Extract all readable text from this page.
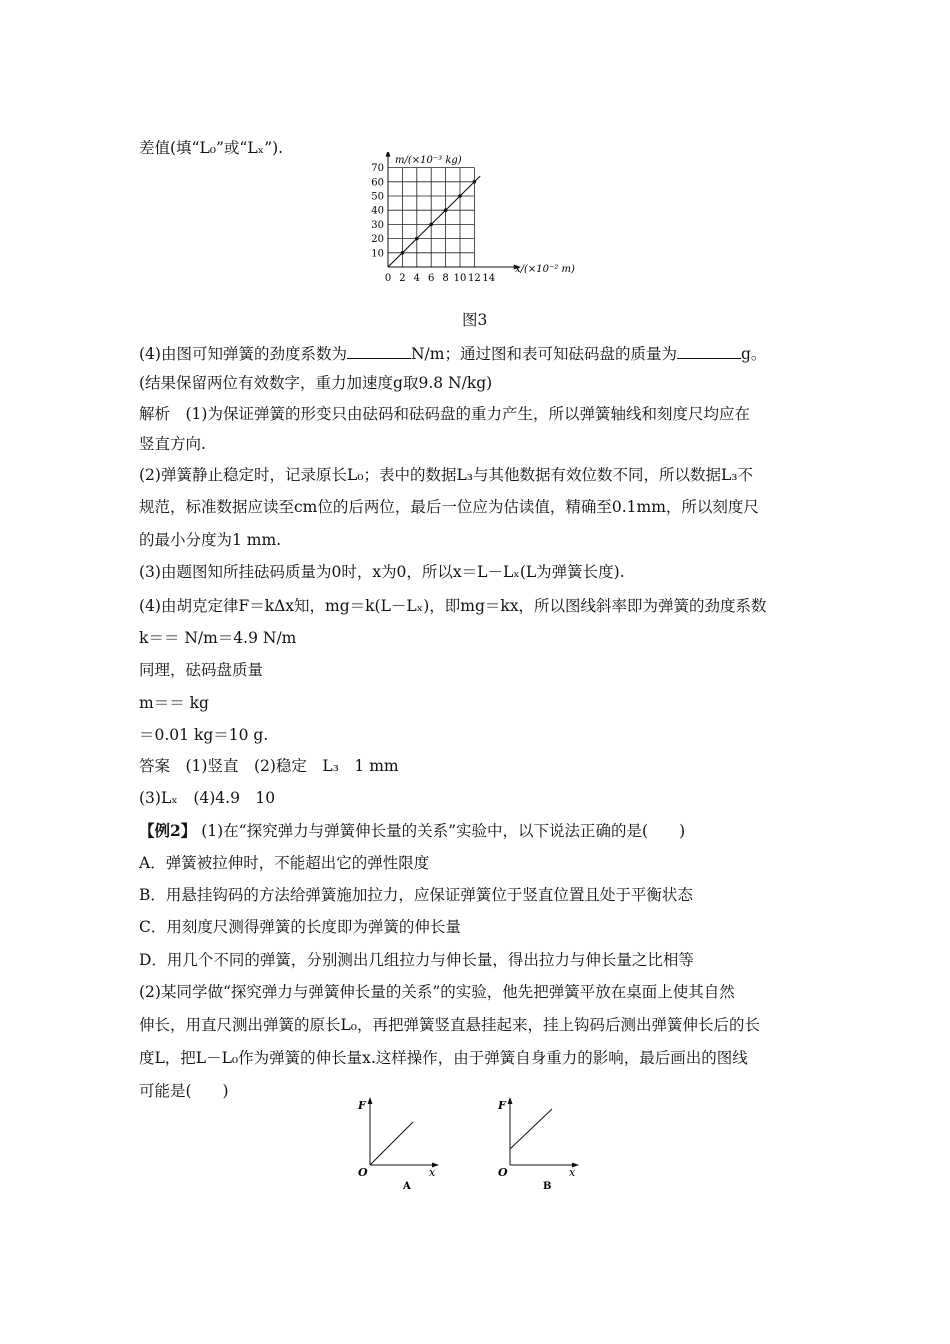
差值(填“L₀”或“Lₓ”).
0 2 4 6 8 10 12 14
10
20
30
40
50
60
70
m/(×10⁻³ kg)
x/(×10⁻² m)
图3
(4)由图可知弹簧的劲度系数为	N/m；通过图和表可知砝码盘的质量为	g。
(结果保留两位有效数字，重力加速度g取9.8 N/kg)
解析　(1)为保证弹簧的形变只由砝码和砝码盘的重力产生，所以弹簧轴线和刻度尺均应在
竖直方向.
(2)弹簧静止稳定时，记录原长L₀；表中的数据L₃与其他数据有效位数不同，所以数据L₃不
规范，标准数据应读至cm位的后两位，最后一位应为估读值，精确至0.1mm，所以刻度尺
的最小分度为1 mm.
(3)由题图知所挂砝码质量为0时，x为0，所以x＝L－Lₓ(L为弹簧长度).
(4)由胡克定律F＝kΔx知，mg＝k(L－Lₓ)，即mg＝kx，所以图线斜率即为弹簧的劲度系数
k＝＝ N/m＝4.9 N/m
同理，砝码盘质量
m＝＝ kg
＝0.01 kg＝10 g.
答案　(1)竖直　(2)稳定　L₃　1 mm
(3)Lₓ　(4)4.9　10
【例2】 (1)在“探究弹力与弹簧伸长量的关系”实验中，以下说法正确的是(　　)
A．弹簧被拉伸时，不能超出它的弹性限度
B．用悬挂钩码的方法给弹簧施加拉力，应保证弹簧位于竖直位置且处于平衡状态
C．用刻度尺测得弹簧的长度即为弹簧的伸长量
D．用几个不同的弹簧，分别测出几组拉力与伸长量，得出拉力与伸长量之比相等
(2)某同学做“探究弹力与弹簧伸长量的关系”的实验，他先把弹簧平放在桌面上使其自然
伸长，用直尺测出弹簧的原长L₀，再把弹簧竖直悬挂起来，挂上钩码后测出弹簧伸长后的长
度L，把L－L₀作为弹簧的伸长量x.这样操作，由于弹簧自身重力的影响，最后画出的图线
可能是(　　)
F
O	x
A
F
O	x
B
